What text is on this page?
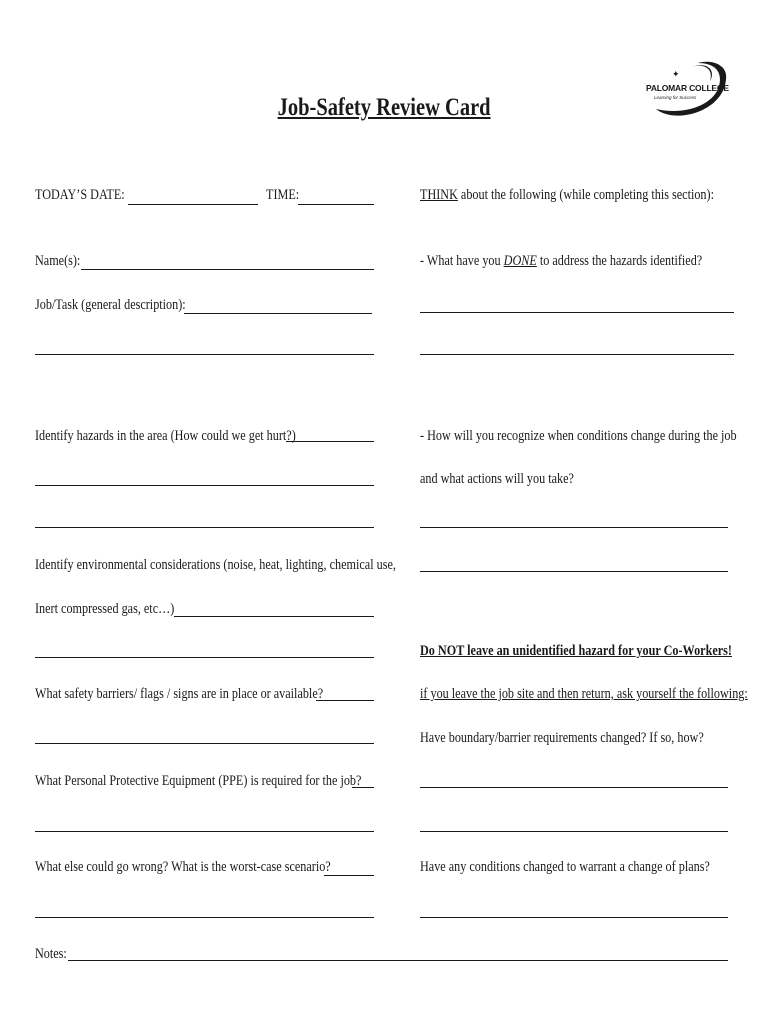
Job-Safety Review Card
✦
PALOMAR COLLEGE
Learning for Success
TODAY’S DATE:	TIME:
Name(s):
Job/Task (general description):
Identify hazards in the area (How could we get hurt?)
Identify environmental considerations (noise, heat, lighting, chemical use,
Inert compressed gas, etc…)
What safety barriers/ flags / signs are in place or available?
What Personal Protective Equipment (PPE) is required for the job?
What else could go wrong? What is the worst-case scenario?
Notes:
THINK about the following (while completing this section):
- What have you DONE to address the hazards identified?
- How will you recognize when conditions change during the job
and what actions will you take?
Do NOT leave an unidentified hazard for your Co-Workers!
if you leave the job site and then return, ask yourself the following:
Have boundary/barrier requirements changed? If so, how?
Have any conditions changed to warrant a change of plans?
